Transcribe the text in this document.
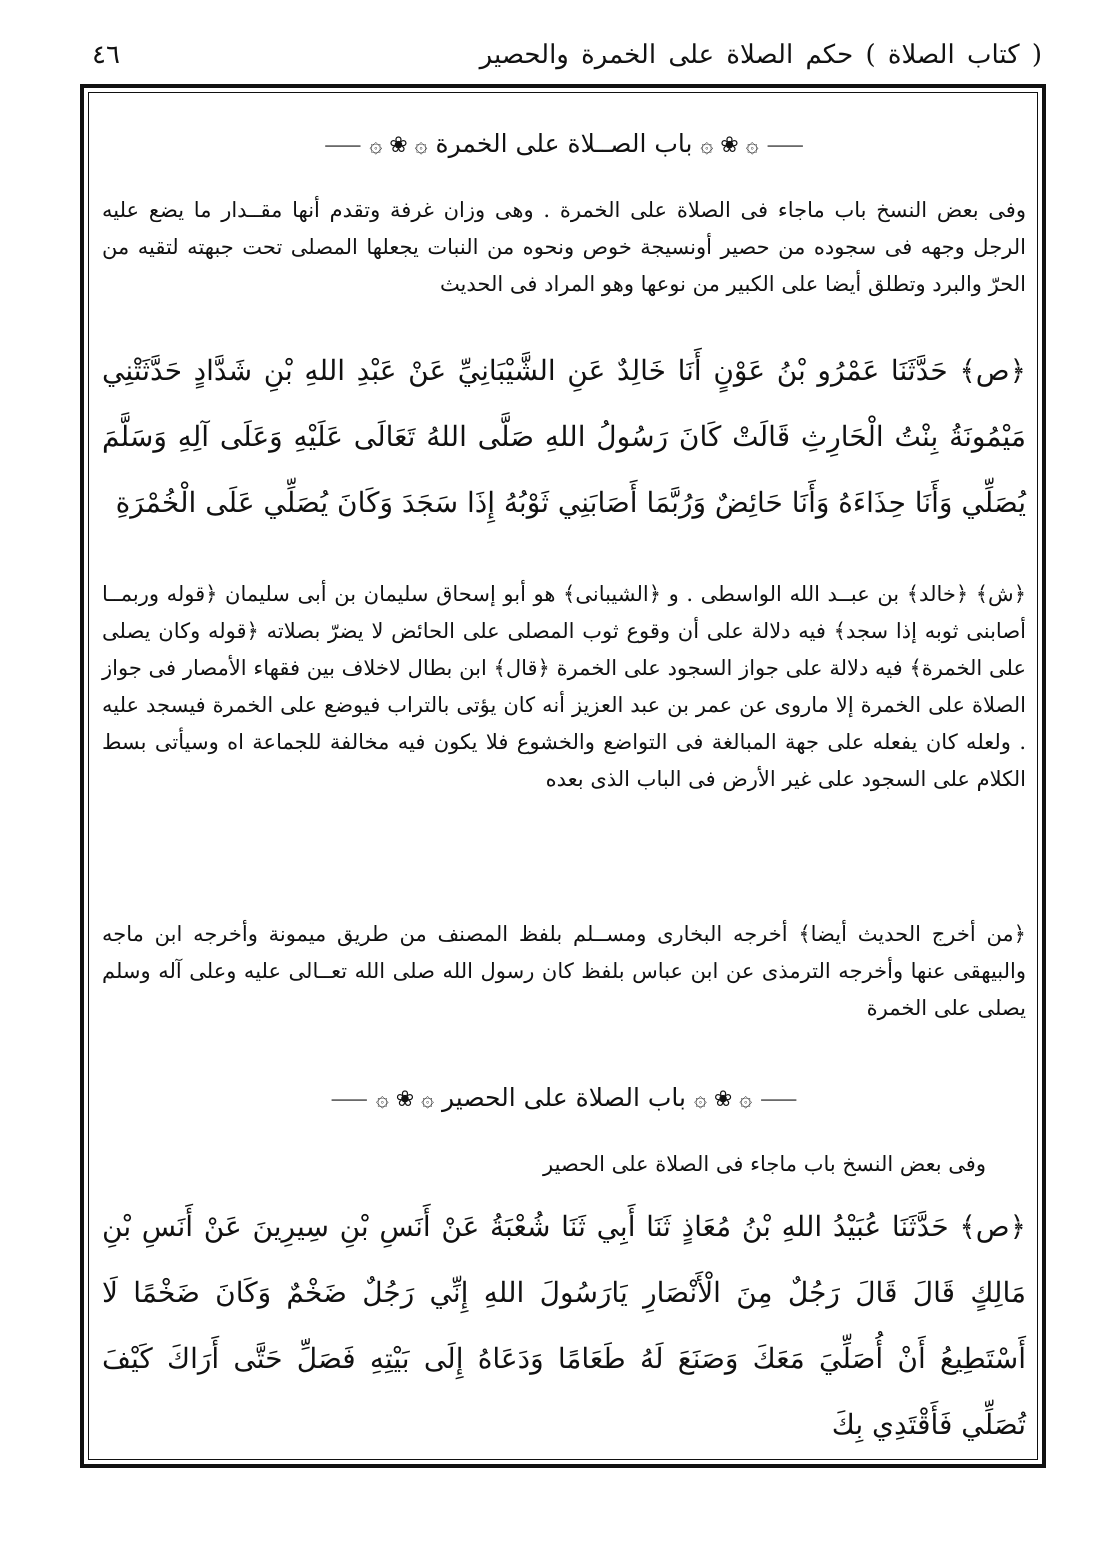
( كتاب الصلاة ) حكم الصلاة على الخمرة والحصير
٤٦
⸺ ۞ ❀ ۞ باب الصــلاة على الخمرة ۞ ❀ ۞ ⸺

وفى بعض النسخ باب ماجاء فى الصلاة على الخمرة . وهى وزان غرفة وتقدم أنها مقــدار ما يضع عليه الرجل وجهه فى سجوده من حصير أونسيجة خوص ونحوه من النبات يجعلها المصلى تحت جبهته لتقيه من الحرّ والبرد وتطلق أيضا على الكبير من نوعها وهو المراد فى الحديث

﴿ص﴾ حَدَّثَنَا عَمْرُو بْنُ عَوْنٍ أَنَا خَالِدٌ عَنِ الشَّيْبَانِيِّ عَنْ عَبْدِ اللهِ بْنِ شَدَّادٍ حَدَّثَتْنِي مَيْمُونَةُ بِنْتُ الْحَارِثِ قَالَتْ كَانَ رَسُولُ اللهِ صَلَّى اللهُ تَعَالَى عَلَيْهِ وَعَلَى آلِهِ وَسَلَّمَ يُصَلِّي وَأَنَا حِذَاءَهُ وَأَنَا حَائِضٌ وَرُبَّمَا أَصَابَنِي ثَوْبُهُ إِذَا سَجَدَ وَكَانَ يُصَلِّي عَلَى الْخُمْرَةِ

﴿ش﴾ ﴿خالد﴾ بن عبــد الله الواسطى . و ﴿الشيبانى﴾ هو أبو إسحاق سليمان بن أبى سليمان ﴿قوله وربمــا أصابنى ثوبه إذا سجد﴾ فيه دلالة على أن وقوع ثوب المصلى على الحائض لا يضرّ بصلاته ﴿قوله وكان يصلى على الخمرة﴾ فيه دلالة على جواز السجود على الخمرة ﴿قال﴾ ابن بطال لاخلاف بين فقهاء الأمصار فى جواز الصلاة على الخمرة إلا ماروى عن عمر بن عبد العزيز أنه كان يؤتى بالتراب فيوضع على الخمرة فيسجد عليه . ولعله كان يفعله على جهة المبالغة فى التواضع والخشوع فلا يكون فيه مخالفة للجماعة اه وسيأتى بسط الكلام على السجود على غير الأرض فى الباب الذى بعده

﴿من أخرج الحديث أيضا﴾ أخرجه البخارى ومســلم بلفظ المصنف من طريق ميمونة وأخرجه ابن ماجه والبيهقى عنها وأخرجه الترمذى عن ابن عباس بلفظ كان رسول الله صلى الله تعــالى عليه وعلى آله وسلم يصلى على الخمرة

⸺ ۞ ❀ ۞ باب الصلاة على الحصير ۞ ❀ ۞ ⸺

وفى بعض النسخ باب ماجاء فى الصلاة على الحصير

﴿ص﴾ حَدَّثَنَا عُبَيْدُ اللهِ بْنُ مُعَاذٍ ثَنَا أَبِي ثَنَا شُعْبَةُ عَنْ أَنَسِ بْنِ سِيرِينَ عَنْ أَنَسِ بْنِ مَالِكٍ قَالَ قَالَ رَجُلٌ مِنَ الْأَنْصَارِ يَارَسُولَ اللهِ إِنِّي رَجُلٌ ضَخْمٌ وَكَانَ ضَخْمًا لَا أَسْتَطِيعُ أَنْ أُصَلِّيَ مَعَكَ وَصَنَعَ لَهُ طَعَامًا وَدَعَاهُ إِلَى بَيْتِهِ فَصَلِّ حَتَّى أَرَاكَ كَيْفَ تُصَلِّي فَأَقْتَدِي بِكَ
